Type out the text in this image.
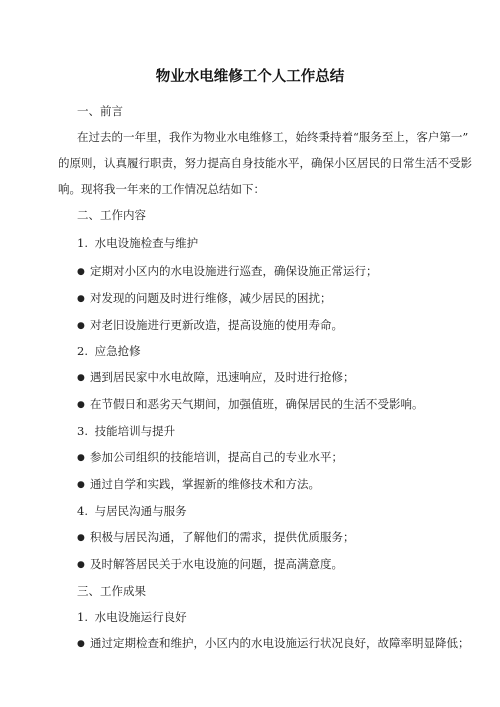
物业水电维修工个人工作总结
一、前言
在过去的一年里，我作为物业水电维修工，始终秉持着“服务至上，客户第一”
的原则，认真履行职责，努力提高自身技能水平，确保小区居民的日常生活不受影
响。现将我一年来的工作情况总结如下：
二、工作内容
1. 水电设施检查与维护
● 定期对小区内的水电设施进行巡查，确保设施正常运行；
● 对发现的问题及时进行维修，减少居民的困扰；
● 对老旧设施进行更新改造，提高设施的使用寿命。
2. 应急抢修
● 遇到居民家中水电故障，迅速响应，及时进行抢修；
● 在节假日和恶劣天气期间，加强值班，确保居民的生活不受影响。
3. 技能培训与提升
● 参加公司组织的技能培训，提高自己的专业水平；
● 通过自学和实践，掌握新的维修技术和方法。
4. 与居民沟通与服务
● 积极与居民沟通，了解他们的需求，提供优质服务；
● 及时解答居民关于水电设施的问题，提高满意度。
三、工作成果
1. 水电设施运行良好
● 通过定期检查和维护，小区内的水电设施运行状况良好，故障率明显降低；
